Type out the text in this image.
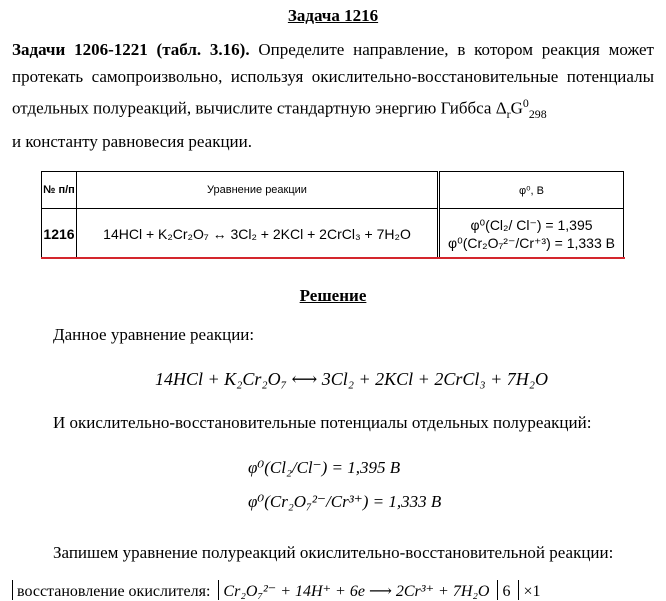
Задача 1216
Задачи 1206-1221 (табл. 3.16). Определите направление, в котором реакция может протекать самопроизвольно, используя окислительно-восстановительные потенциалы отдельных полуреакций, вычислите стандартную энергию Гиббса $\Delta_rG^0_{298}$
и константу равновесия реакции.
№ п/п	Уравнение реакции	φ⁰, В
1216	14HCl + K₂Cr₂O₇ ↔ 3Cl₂ + 2KCl + 2CrCl₃ + 7H₂O	φ⁰(Cl₂/ Cl⁻) = 1,395
φ⁰(Cr₂O₇²⁻/Cr⁺³) = 1,333 В
Решение
Данное уравнение реакции:
14HCl + K₂Cr₂O₇ ⟷ 3Cl₂ + 2KCl + 2CrCl₃ + 7H₂O
И окислительно-восстановительные потенциалы отдельных полуреакций:
φ⁰(Cl₂/Cl⁻) = 1,395 В
φ⁰(Cr₂O₇²⁻/Cr³⁺) = 1,333 В
Запишем уравнение полуреакций окислительно-восстановительной реакции:
восстановление окислителя: Cr₂O₇²⁻ + 14H⁺ + 6e ⟶ 2Cr³⁺ + 7H₂O 6 ×1
